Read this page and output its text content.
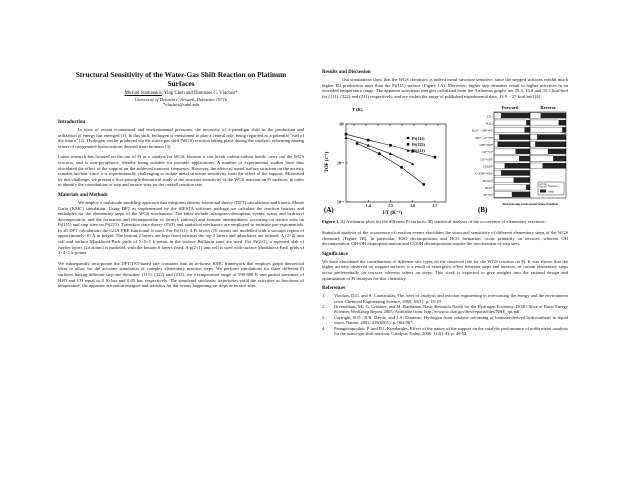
Structural Sensitivity of the Water-Gas Shift Reaction on Platinum
Surfaces
Michail Stamatakis, Ying Chen and Dionisios G. Vlachos*
University of Delaware, Newark, Delaware 19716
*vlachos@udel.edu
Introduction

In view of recent economical and environmental pressures, the necessity of a paradigm shift in the production and utilization of energy has emerged [1]. In this shift, hydrogen is envisioned to play a central role, being regarded as a potential "fuel of the future" [2]. Hydrogen can be produced via the water-gas shift (WGS) reaction taking place during the catalytic reforming among others of oxygenated hydrocarbons derived from biomass [3].

Latest research has focused on the use of Pt as a catalyst for WGS, because it can break carbon-carbon bonds, carry out the WGS reaction, and is non-pyrophoric, thereby being suitable for portable applications. A number of experimental studies have thus elucidated the effect of the support on the achieved turnover frequency. However, the effect of metal surface structure on the activity remains unclear, since it is experimentally challenging to isolate metal structure sensitivity from the effect of the support. Motivated by this challenge, we present a first-principle theoretical study of the structure sensitivity of the WGS reaction on Pt surfaces, in order to identify the contribution of step and terrace sites on the overall reaction rate.

Materials and Methods

We employ a multiscale modeling approach that integrates density functional theory (DFT) calculations and kinetic Monte Carlo (KMC) simulation. Using DFT as implemented by the SIESTA software package we calculate the reaction barriers and enthalpies for the elementary steps of the WGS mechanism. The latter include adsorption-desorption events, water and hydroxyl decomposition, and the formation and decomposition of formyl, carboxyl and formate intermediates, occurring on terrace sites on Pt(111) and step sites on Pt(211). Transition state theory (TST) and statistical mechanics are employed to estimate pre-exponentials. In all DFT calculations the GGA-PBE functional is used. For Pt(111), 4 Pt layers (16 atoms) are modelled with a vacuum region of approximately 10 Å in height. The bottom 2 layers are kept fixed whereas the top 2 layers and adsorbates are relaxed. A (2×2) unit cell and surface Monkhorst-Pack grids of 5×5×1 k-points in the surface Brillouin zone are used. For Pt(211), a repeated slab of twelve layers (24 atoms) is modeled, with the bottom 6 layers fixed. A p(2×1) unit cell is used with surface Monkhorst-Pack grids of 3×4×1 k-points.

We subsequently incorporate the DFT/TST-based rate constants into an in-house KMC framework that employs graph theoretical ideas to allow for the accurate simulation of complex elementary reaction steps. We perform simulations for three different Pt surfaces having different step-site densities: (111), (322) and (211), for a temperature range of 590-800 K and partial pressures of H2O and CO equal to 0.10 bar and 0.05 bar, respectively. The simulated stochastic trajectories yield the activities as functions of temperature, the apparent activation energies and statistics for the events happening on steps or terrace sites.

Results and Discussion

Our simulations show that the WGS chemistry is indeed metal-structure sensitive, since the stepped surfaces exhibit much higher H2 production rates than the Pt(111) surface (Figure 1A). Moreover, higher step densities result in higher activities in an extended temperature range. The apparent activation energies calculated from the Arrhenius graphs are 50.3, 16.8 and 35.5 kcal/mol for (111), (322) and (211) respectively, and are within the range of published experimental data, 13.9 − 27 kcal/mol [4].

1.4	1.5	1.6	1.7
10¹
10⁻¹
10⁻³
TOF (s⁻¹)
1/T (K⁻¹)
T (K)
(A)
Pt(111)
Pt(322)
Pt(211)
Forward	Reverse
COₐₛ
H₂Oₐₛ
H₂O*→OH*+H*
OH*→O*+H*
OH*+OH*
CO*+O*
CO*+OH*
COOH*
COOH*+OH*
HCOO*
HCO*
H*+H*
Terrace/step event occurrence fraction
Terrace
Step
(B)

Figure 1. A) Arrhenius plots for the different Pt surfaces. B) statistical analysis of the occurrence of elementary reactions.

Statistical analysis of the occurrence of reaction events elucidates the structural sensitivity of different elementary steps of the WGS chemistry (Figure 1B). In particular, H2O decomposition and HCO formation, occur primarily on terraces, whereas OH decomposition, OH-OH disproportionation and COOH decomposition require the involvement of step sites.

Significance

We have elucidated the contributions of different site types on the observed rate for the WGS reaction on Pt. It was shown that the higher activity observed on stepped surfaces is a result of synergistic effect between steps and terraces, as certain elementary steps occur preferentially on terraces whereas others on steps. This work is expected to give insights into the rational design and optimization of Pt catalysts for this chemistry.

References
1.	Vlachos, D.G. and S. Caratzoulas, The roles of catalysis and reaction engineering in overcoming the energy and the environment crisis Chemical Engineering Science, 2009. 65(1): p. 18-29.
2.	Dresselhaus, M., G. Crabtree, and M. Buchanan. Basic Research Needs for the Hydrogen Economy. DOE Office of Basic Energy Sciences Workshop Report 2003; Available from: http://www.sc.doe.gov/bes/reports/files/NHE_rpt.pdf.
3.	Cortright, R.D., R.R. Davda, and J.A. Dumesic, Hydrogen from catalytic reforming of biomass-derived hydrocarbons in liquid water. Nature, 2002. 418(6901): p. 964-967.
4.	Panagiotopoulou, P. and D.I. Kondarides, Effect of the nature of the support on the catalytic performance of noble metal catalysts for the water-gas shift reaction. Catalysis Today, 2006. 112(1-4): p. 49-52.
